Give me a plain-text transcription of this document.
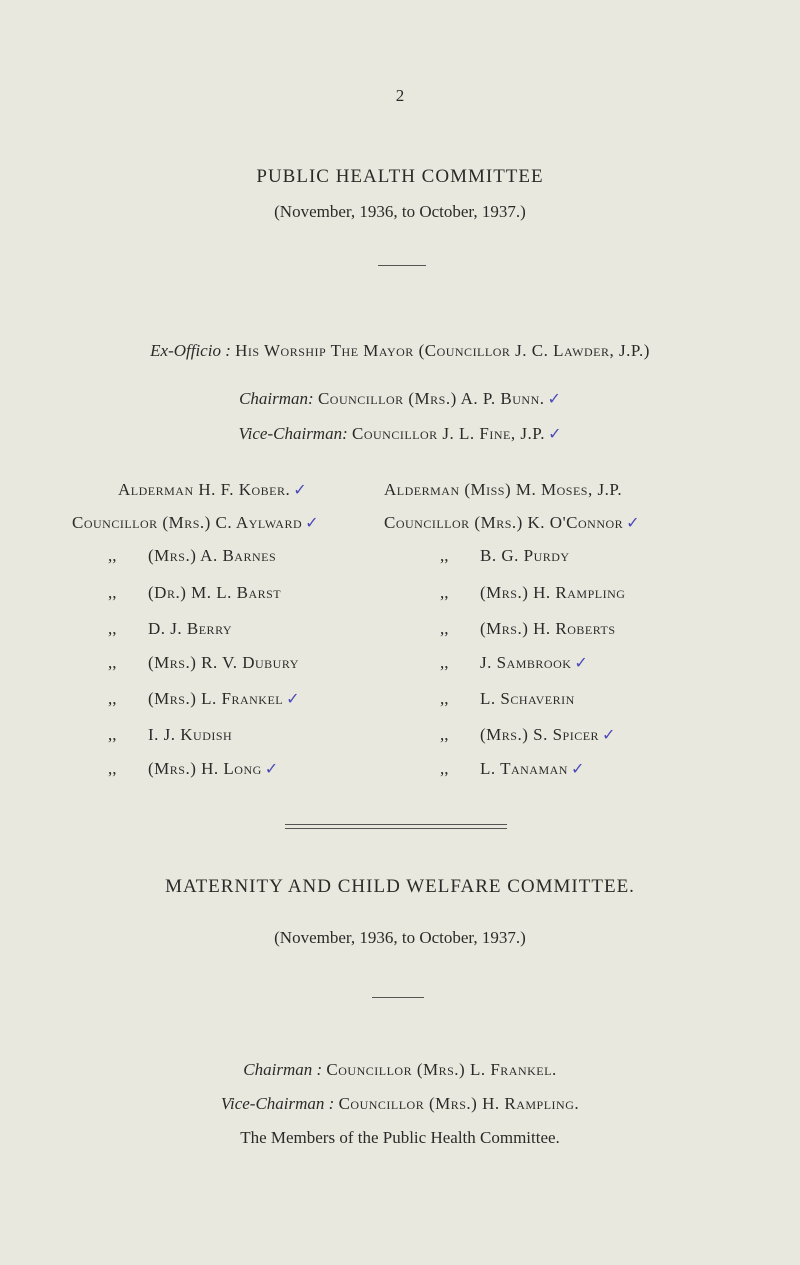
2
PUBLIC HEALTH COMMITTEE
(November, 1936, to October, 1937.)
Ex-Officio : His Worship The Mayor (Councillor J. C. Lawder, J.P.)
Chairman: Councillor (Mrs.) A. P. Bunn. ✓
Vice-Chairman: Councillor J. L. Fine, J.P. ✓
Alderman H. F. Kober. ✓
Councillor (Mrs.) C. Aylward ✓
,, (Mrs.) A. Barnes
,, (Dr.) M. L. Barst
,, D. J. Berry
,, (Mrs.) R. V. Dubury
,, (Mrs.) L. Frankel ✓
,, I. J. Kudish
,, (Mrs.) H. Long ✓
Alderman (Miss) M. Moses, J.P.
Councillor (Mrs.) K. O'Connor ✓
,, B. G. Purdy
,, (Mrs.) H. Rampling
,, (Mrs.) H. Roberts
,, J. Sambrook ✓
,, L. Schaverin
,, (Mrs.) S. Spicer ✓
,, L. Tanaman ✓
MATERNITY AND CHILD WELFARE COMMITTEE.
(November, 1936, to October, 1937.)
Chairman : Councillor (Mrs.) L. Frankel.
Vice-Chairman : Councillor (Mrs.) H. Rampling.
The Members of the Public Health Committee.
